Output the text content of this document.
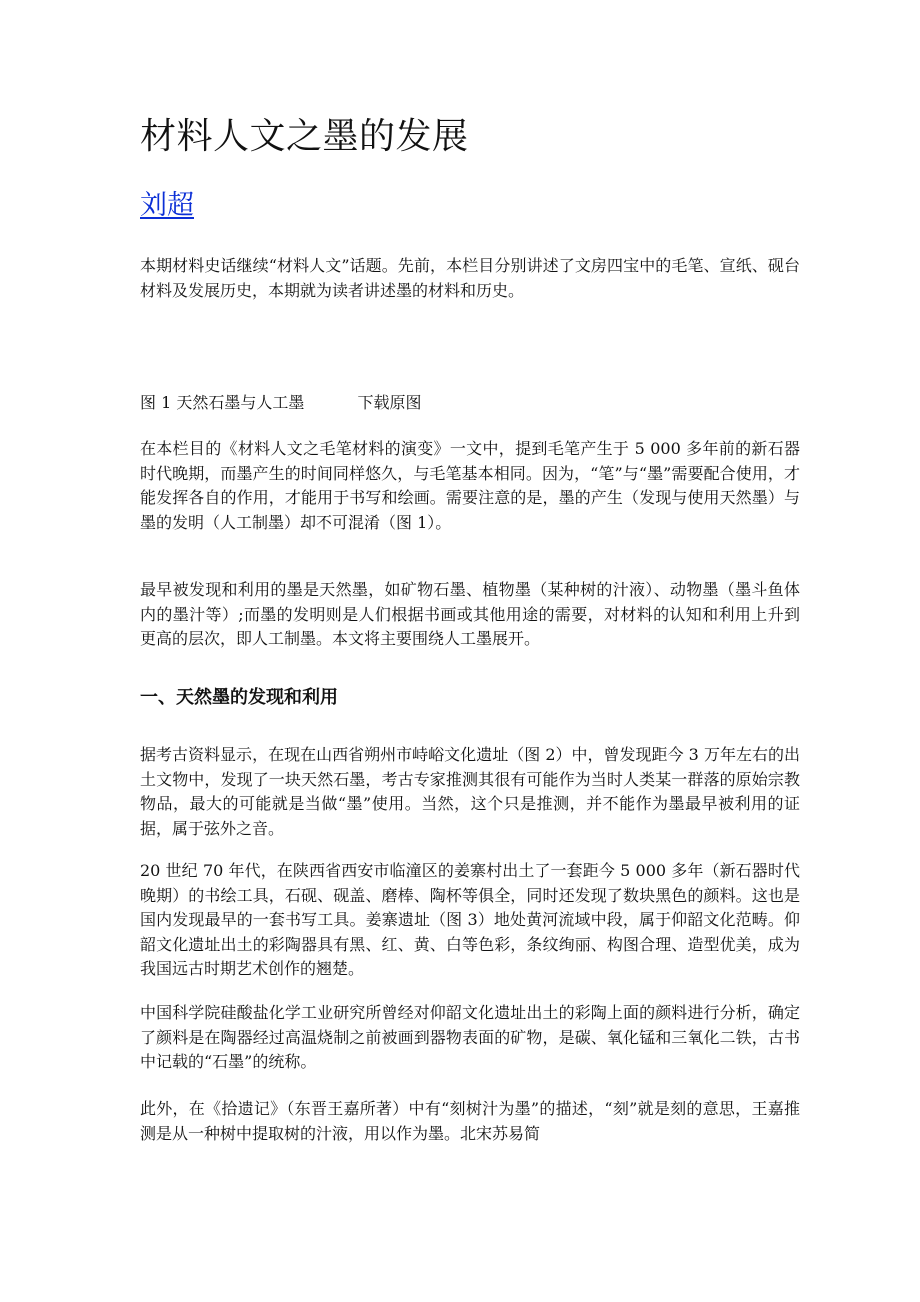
材料人文之墨的发展
刘超

本期材料史话继续“材料人文”话题。先前，本栏目分别讲述了文房四宝中的毛笔、宣纸、砚台材料及发展历史，本期就为读者讲述墨的材料和历史。

图 1 天然石墨与人工墨	下载原图

在本栏目的《材料人文之毛笔材料的演变》一文中，提到毛笔产生于 5 000 多年前的新石器时代晚期，而墨产生的时间同样悠久，与毛笔基本相同。因为，“笔”与“墨”需要配合使用，才能发挥各自的作用，才能用于书写和绘画。需要注意的是，墨的产生（发现与使用天然墨）与墨的发明（人工制墨）却不可混淆（图 1）。

最早被发现和利用的墨是天然墨，如矿物石墨、植物墨（某种树的汁液）、动物墨（墨斗鱼体内的墨汁等）;而墨的发明则是人们根据书画或其他用途的需要，对材料的认知和利用上升到更高的层次，即人工制墨。本文将主要围绕人工墨展开。

一、天然墨的发现和利用

据考古资料显示，在现在山西省朔州市峙峪文化遗址（图 2）中，曾发现距今 3 万年左右的出土文物中，发现了一块天然石墨，考古专家推测其很有可能作为当时人类某一群落的原始宗教物品，最大的可能就是当做“墨”使用。当然，这个只是推测，并不能作为墨最早被利用的证据，属于弦外之音。

20 世纪 70 年代，在陕西省西安市临潼区的姜寨村出土了一套距今 5 000 多年（新石器时代晚期）的书绘工具，石砚、砚盖、磨棒、陶杯等俱全，同时还发现了数块黑色的颜料。这也是国内发现最早的一套书写工具。姜寨遗址（图 3）地处黄河流域中段，属于仰韶文化范畴。仰韶文化遗址出土的彩陶器具有黑、红、黄、白等色彩，条纹绚丽、构图合理、造型优美，成为我国远古时期艺术创作的翘楚。

中国科学院硅酸盐化学工业研究所曾经对仰韶文化遗址出土的彩陶上面的颜料进行分析，确定了颜料是在陶器经过高温烧制之前被画到器物表面的矿物，是碳、氧化锰和三氧化二铁，古书中记载的“石墨”的统称。

此外，在《拾遗记》（东晋王嘉所著）中有“刻树汁为墨”的描述，“刻”就是刻的意思，王嘉推测是从一种树中提取树的汁液，用以作为墨。北宋苏易简
